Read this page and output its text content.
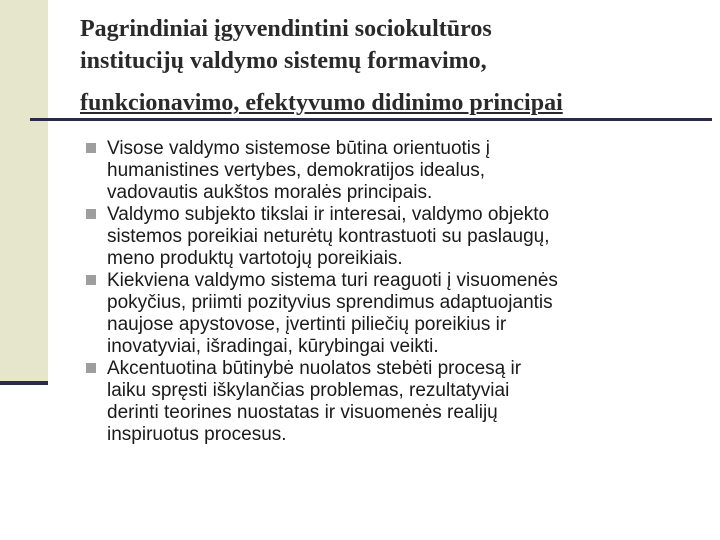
Pagrindiniai įgyvendintini sociokultūros
institucijų valdymo sistemų formavimo,
funkcionavimo, efektyvumo didinimo principai
Visose valdymo sistemose būtina orientuotis į
humanistines vertybes, demokratijos idealus,
vadovautis aukštos moralės principais.
Valdymo subjekto tikslai ir interesai, valdymo objekto
sistemos poreikiai neturėtų kontrastuoti su paslaugų,
meno produktų vartotojų poreikiais.
Kiekviena valdymo sistema turi reaguoti į visuomenės
pokyčius, priimti pozityvius sprendimus adaptuojantis
naujose apystovose, įvertinti piliečių poreikius ir
inovatyviai, išradingai, kūrybingai veikti.
Akcentuotina būtinybė nuolatos stebėti procesą ir
laiku spręsti iškylančias problemas, rezultatyviai
derinti teorines nuostatas ir visuomenės realijų
inspiruotus procesus.
